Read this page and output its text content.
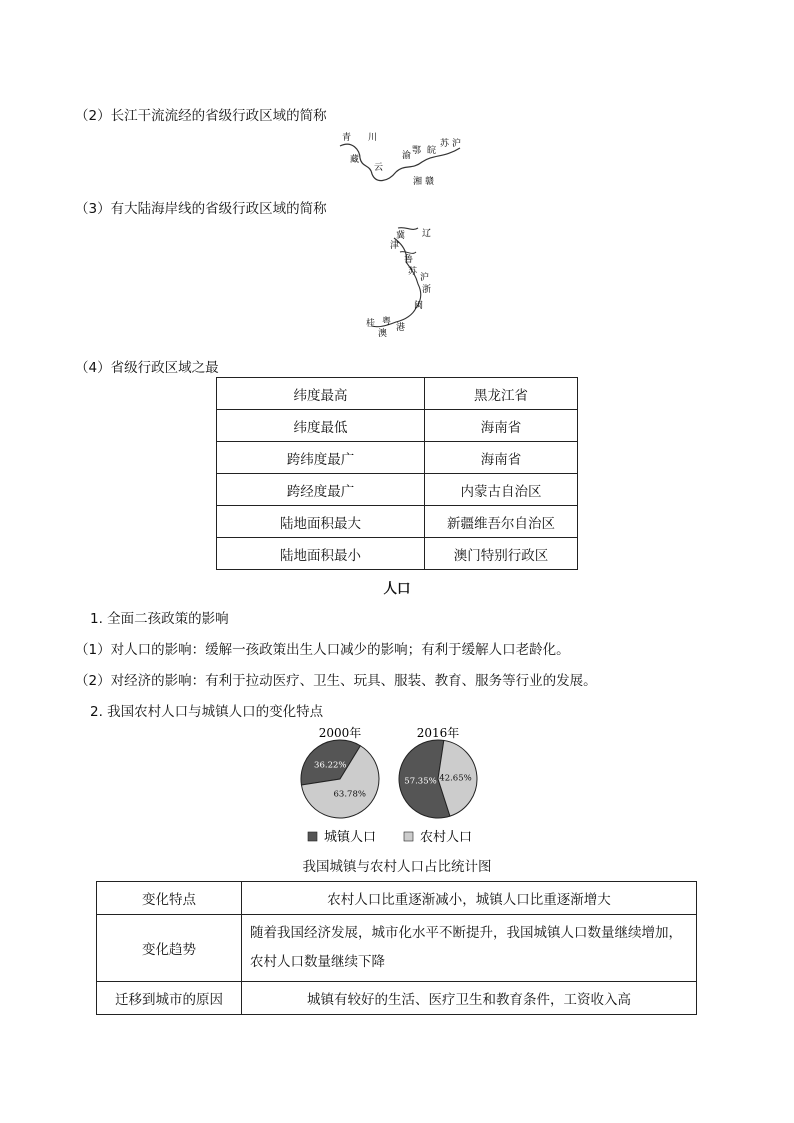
（2）长江干流流经的省级行政区域的简称
青 川
藏
云
渝 鄂 皖
苏 沪
湘 赣
（3）有大陆海岸线的省级行政区域的简称
冀 辽
津
鲁
苏
沪
浙
闽
粤
港
澳
桂
（4）省级行政区域之最
纬度最高	黑龙江省
纬度最低	海南省
跨纬度最广	海南省
跨经度最广	内蒙古自治区
陆地面积最大	新疆维吾尔自治区
陆地面积最小	澳门特别行政区
人口
1. 全面二孩政策的影响
（1）对人口的影响：缓解一孩政策出生人口减少的影响；有利于缓解人口老龄化。
（2）对经济的影响：有利于拉动医疗、卫生、玩具、服装、教育、服务等行业的发展。
2. 我国农村人口与城镇人口的变化特点
2000年
36.22%
63.78%
2016年
57.35% 42.65%
城镇人口	农村人口
我国城镇与农村人口占比统计图
变化特点	农村人口比重逐渐减小，城镇人口比重逐渐增大
变化趋势	随着我国经济发展，城市化水平不断提升，我国城镇人口数量继续增加，农村人口数量继续下降
迁移到城市的原因	城镇有较好的生活、医疗卫生和教育条件，工资收入高
